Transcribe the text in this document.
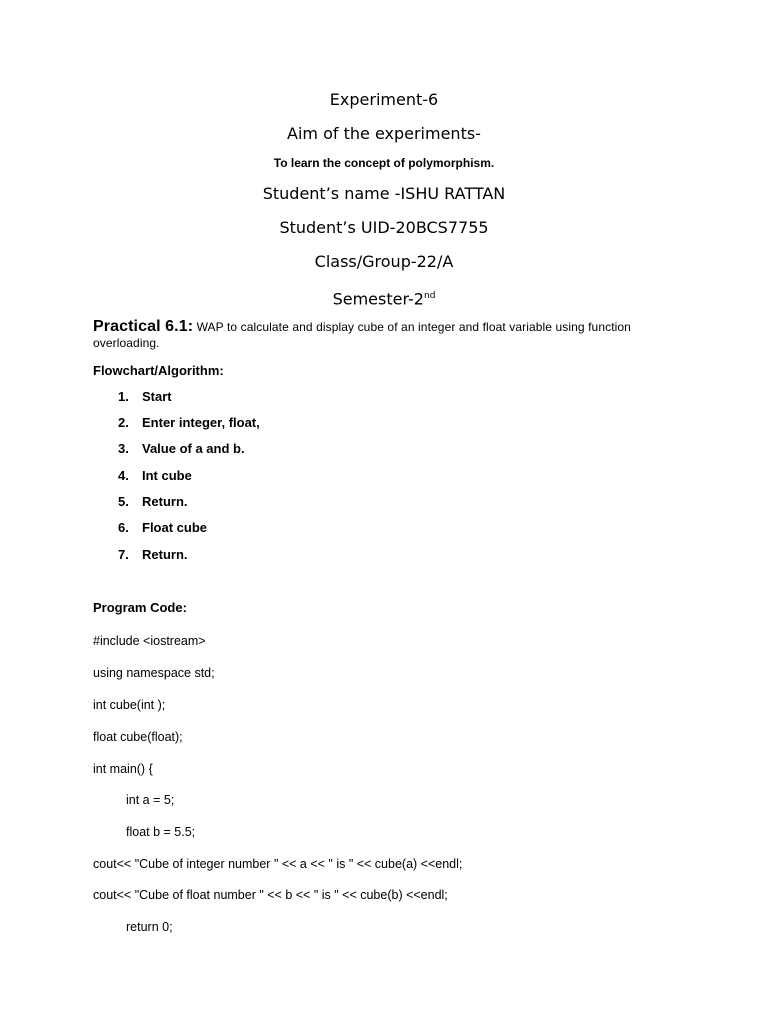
Experiment-6
Aim of the experiments-
To learn the concept of polymorphism.
Student’s name -ISHU RATTAN
Student’s UID-20BCS7755
Class/Group-22/A
Semester-2nd
Practical 6.1: WAP to calculate and display cube of an integer and float variable using function overloading.
Flowchart/Algorithm:
1. Start
2. Enter integer, float,
3. Value of a and b.
4. Int cube
5. Return.
6. Float cube
7. Return.
Program Code:
#include <iostream>
using namespace std;
int cube(int );
float cube(float);
int main() {
int a = 5;
float b = 5.5;
cout<< "Cube of integer number " << a << " is " << cube(a) <<endl;
cout<< "Cube of float number " << b << " is " << cube(b) <<endl;
return 0;
